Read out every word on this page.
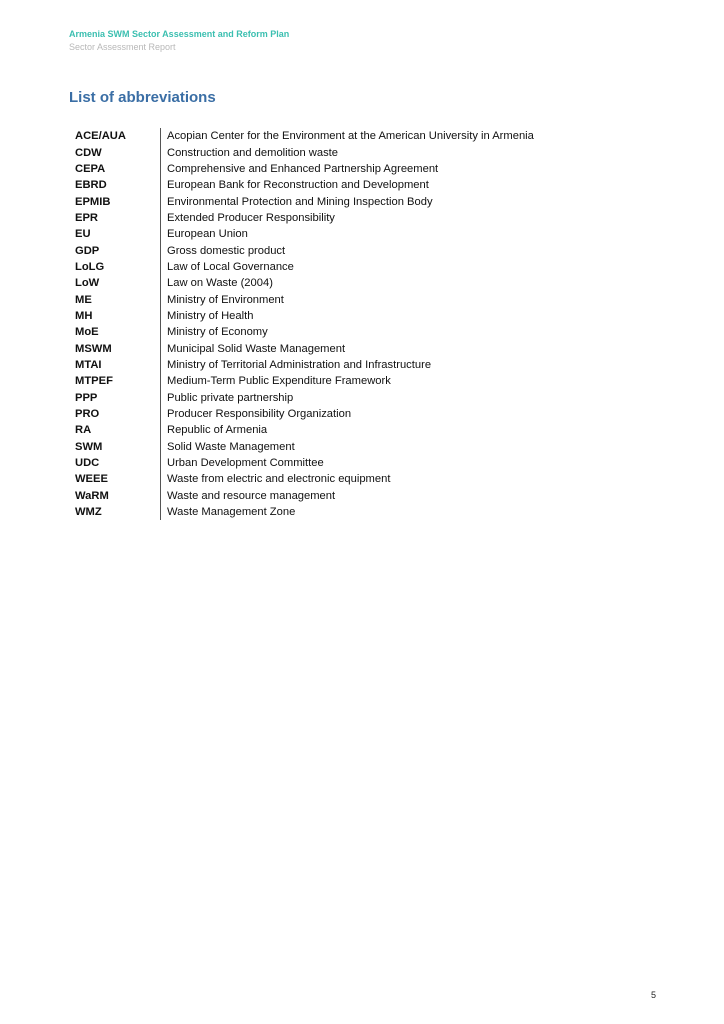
Armenia SWM Sector Assessment and Reform Plan
Sector Assessment Report
List of abbreviations
ACE/AUA	Acopian Center for the Environment at the American University in Armenia
CDW	Construction and demolition waste
CEPA	Comprehensive and Enhanced Partnership Agreement
EBRD	European Bank for Reconstruction and Development
EPMIB	Environmental Protection and Mining Inspection Body
EPR	Extended Producer Responsibility
EU	European Union
GDP	Gross domestic product
LoLG	Law of Local Governance
LoW	Law on Waste (2004)
ME	Ministry of Environment
MH	Ministry of Health
MoE	Ministry of Economy
MSWM	Municipal Solid Waste Management
MTAI	Ministry of Territorial Administration and Infrastructure
MTPEF	Medium-Term Public Expenditure Framework
PPP	Public private partnership
PRO	Producer Responsibility Organization
RA	Republic of Armenia
SWM	Solid Waste Management
UDC	Urban Development Committee
WEEE	Waste from electric and electronic equipment
WaRM	Waste and resource management
WMZ	Waste Management Zone
5
